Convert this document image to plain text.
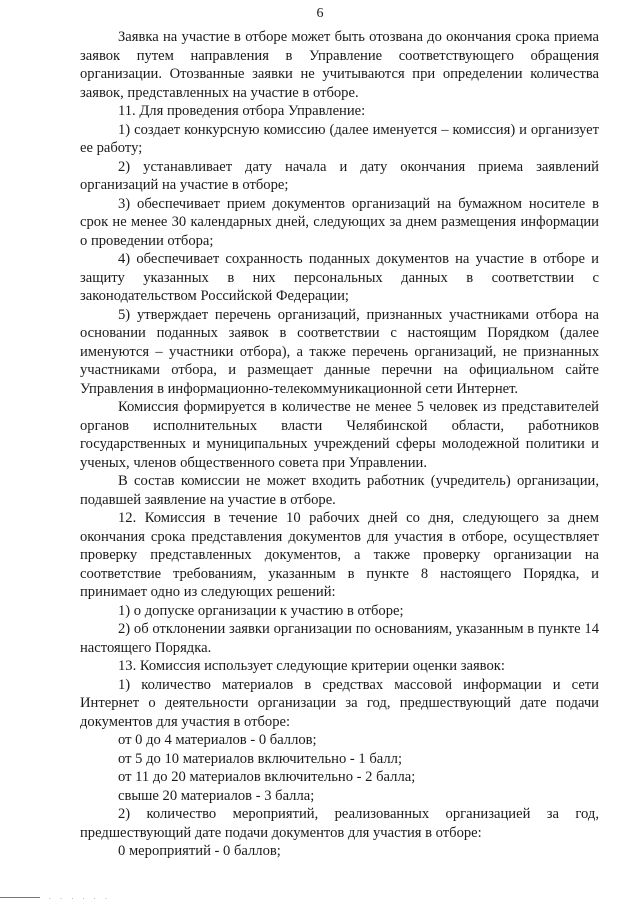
6

Заявка на участие в отборе может быть отозвана до окончания срока приема заявок путем направления в Управление соответствующего обращения организации. Отозванные заявки не учитываются при определении количества заявок, представленных на участие в отборе.

11. Для проведения отбора Управление:

1) создает конкурсную комиссию (далее именуется – комиссия) и организует ее работу;

2) устанавливает дату начала и дату окончания приема заявлений организаций на участие в отборе;

3) обеспечивает прием документов организаций на бумажном носителе в срок не менее 30 календарных дней, следующих за днем размещения информации о проведении отбора;

4) обеспечивает сохранность поданных документов на участие в отборе и защиту указанных в них персональных данных в соответствии с законодательством Российской Федерации;

5) утверждает перечень организаций, признанных участниками отбора на основании поданных заявок в соответствии с настоящим Порядком (далее именуются – участники отбора), а также перечень организаций, не признанных участниками отбора, и размещает данные перечни на официальном сайте Управления в информационно-телекоммуникационной сети Интернет.

Комиссия формируется в количестве не менее 5 человек из представителей органов исполнительных власти Челябинской области, работников государственных и муниципальных учреждений сферы молодежной политики и ученых, членов общественного совета при Управлении.

В состав комиссии не может входить работник (учредитель) организации, подавшей заявление на участие в отборе.

12. Комиссия в течение 10 рабочих дней со дня, следующего за днем окончания срока представления документов для участия в отборе, осуществляет проверку представленных документов, а также проверку организации на соответствие требованиям, указанным в пункте 8 настоящего Порядка, и принимает одно из следующих решений:

1) о допуске организации к участию в отборе;

2) об отклонении заявки организации по основаниям, указанным в пункте 14 настоящего Порядка.

13. Комиссия использует следующие критерии оценки заявок:

1) количество материалов в средствах массовой информации и сети Интернет о деятельности организации за год, предшествующий дате подачи документов для участия в отборе:

от 0 до 4 материалов - 0 баллов;

от 5 до 10 материалов включительно - 1 балл;

от 11 до 20 материалов включительно - 2 балла;

свыше 20 материалов - 3 балла;

2) количество мероприятий, реализованных организацией за год, предшествующий дате подачи документов для участия в отборе:

0 мероприятий - 0 баллов;

. . . . . .
